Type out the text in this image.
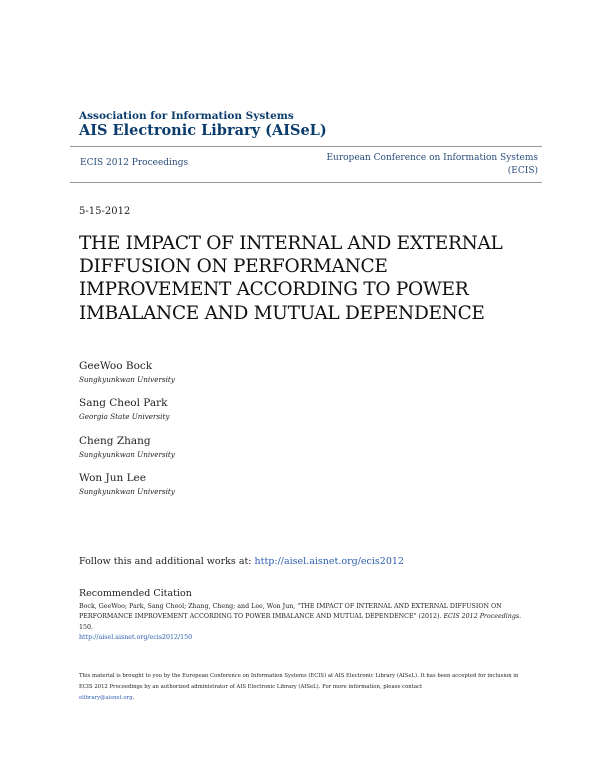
Association for Information Systems
AIS Electronic Library (AISeL)
ECIS 2012 Proceedings	European Conference on Information Systems (ECIS)
5-15-2012
THE IMPACT OF INTERNAL AND EXTERNAL DIFFUSION ON PERFORMANCE IMPROVEMENT ACCORDING TO POWER IMBALANCE AND MUTUAL DEPENDENCE
GeeWoo Bock
Sungkyunkwan University
Sang Cheol Park
Georgia State University
Cheng Zhang
Sungkyunkwan University
Won Jun Lee
Sungkyunkwan University
Follow this and additional works at: http://aisel.aisnet.org/ecis2012
Recommended Citation
Bock, GeeWoo; Park, Sang Cheol; Zhang, Cheng; and Lee, Won Jun, "THE IMPACT OF INTERNAL AND EXTERNAL DIFFUSION ON PERFORMANCE IMPROVEMENT ACCORDING TO POWER IMBALANCE AND MUTUAL DEPENDENCE" (2012). ECIS 2012 Proceedings. 150.
http://aisel.aisnet.org/ecis2012/150
This material is brought to you by the European Conference on Information Systems (ECIS) at AIS Electronic Library (AISeL). It has been accepted for inclusion in ECIS 2012 Proceedings by an authorized administrator of AIS Electronic Library (AISeL). For more information, please contact
elibrary@aisnet.org.
